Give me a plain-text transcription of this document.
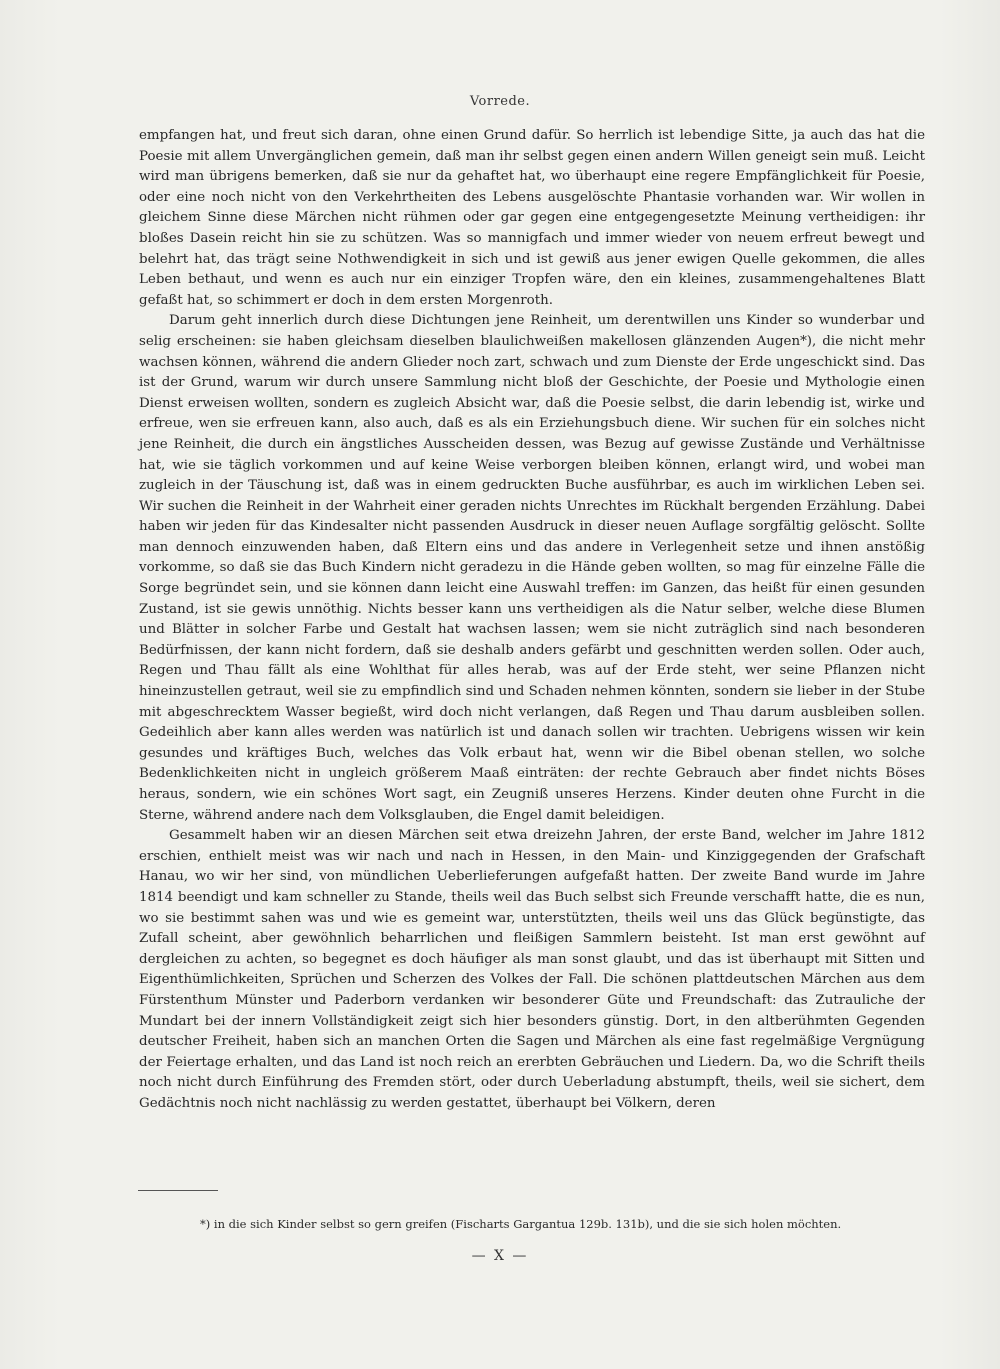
Vorrede.

empfangen hat, und freut sich daran, ohne einen Grund dafür. So herrlich ist lebendige Sitte, ja auch das hat die Poesie mit allem Unvergänglichen gemein, daß man ihr selbst gegen einen andern Willen geneigt sein muß. Leicht wird man übrigens bemerken, daß sie nur da gehaftet hat, wo überhaupt eine regere Empfänglichkeit für Poesie, oder eine noch nicht von den Verkehrtheiten des Lebens ausgelöschte Phantasie vorhanden war. Wir wollen in gleichem Sinne diese Märchen nicht rühmen oder gar gegen eine entgegengesetzte Meinung vertheidigen: ihr bloßes Dasein reicht hin sie zu schützen. Was so mannigfach und immer wieder von neuem erfreut bewegt und belehrt hat, das trägt seine Nothwendigkeit in sich und ist gewiß aus jener ewigen Quelle gekommen, die alles Leben bethaut, und wenn es auch nur ein einziger Tropfen wäre, den ein kleines, zusammengehaltenes Blatt gefaßt hat, so schimmert er doch in dem ersten Morgenroth.

Darum geht innerlich durch diese Dichtungen jene Reinheit, um derentwillen uns Kinder so wunderbar und selig erscheinen: sie haben gleichsam dieselben blaulichweißen makellosen glänzenden Augen*), die nicht mehr wachsen können, während die andern Glieder noch zart, schwach und zum Dienste der Erde ungeschickt sind. Das ist der Grund, warum wir durch unsere Sammlung nicht bloß der Geschichte, der Poesie und Mythologie einen Dienst erweisen wollten, sondern es zugleich Absicht war, daß die Poesie selbst, die darin lebendig ist, wirke und erfreue, wen sie erfreuen kann, also auch, daß es als ein Erziehungsbuch diene. Wir suchen für ein solches nicht jene Reinheit, die durch ein ängstliches Ausscheiden dessen, was Bezug auf gewisse Zustände und Verhältnisse hat, wie sie täglich vorkommen und auf keine Weise verborgen bleiben können, erlangt wird, und wobei man zugleich in der Täuschung ist, daß was in einem gedruckten Buche ausführbar, es auch im wirklichen Leben sei. Wir suchen die Reinheit in der Wahrheit einer geraden nichts Unrechtes im Rückhalt bergenden Erzählung. Dabei haben wir jeden für das Kindesalter nicht passenden Ausdruck in dieser neuen Auflage sorgfältig gelöscht. Sollte man dennoch einzuwenden haben, daß Eltern eins und das andere in Verlegenheit setze und ihnen anstößig vorkomme, so daß sie das Buch Kindern nicht geradezu in die Hände geben wollten, so mag für einzelne Fälle die Sorge begründet sein, und sie können dann leicht eine Auswahl treffen: im Ganzen, das heißt für einen gesunden Zustand, ist sie gewis unnöthig. Nichts besser kann uns vertheidigen als die Natur selber, welche diese Blumen und Blätter in solcher Farbe und Gestalt hat wachsen lassen; wem sie nicht zuträglich sind nach besonderen Bedürfnissen, der kann nicht fordern, daß sie deshalb anders gefärbt und geschnitten werden sollen. Oder auch, Regen und Thau fällt als eine Wohlthat für alles herab, was auf der Erde steht, wer seine Pflanzen nicht hineinzustellen getraut, weil sie zu empfindlich sind und Schaden nehmen könnten, sondern sie lieber in der Stube mit abgeschrecktem Wasser begießt, wird doch nicht verlangen, daß Regen und Thau darum ausbleiben sollen. Gedeihlich aber kann alles werden was natürlich ist und danach sollen wir trachten. Uebrigens wissen wir kein gesundes und kräftiges Buch, welches das Volk erbaut hat, wenn wir die Bibel obenan stellen, wo solche Bedenklichkeiten nicht in ungleich größerem Maaß einträten: der rechte Gebrauch aber findet nichts Böses heraus, sondern, wie ein schönes Wort sagt, ein Zeugniß unseres Herzens. Kinder deuten ohne Furcht in die Sterne, während andere nach dem Volksglauben, die Engel damit beleidigen.

Gesammelt haben wir an diesen Märchen seit etwa dreizehn Jahren, der erste Band, welcher im Jahre 1812 erschien, enthielt meist was wir nach und nach in Hessen, in den Main- und Kinziggegenden der Grafschaft Hanau, wo wir her sind, von mündlichen Ueberlieferungen aufgefaßt hatten. Der zweite Band wurde im Jahre 1814 beendigt und kam schneller zu Stande, theils weil das Buch selbst sich Freunde verschafft hatte, die es nun, wo sie bestimmt sahen was und wie es gemeint war, unterstützten, theils weil uns das Glück begünstigte, das Zufall scheint, aber gewöhnlich beharrlichen und fleißigen Sammlern beisteht. Ist man erst gewöhnt auf dergleichen zu achten, so begegnet es doch häufiger als man sonst glaubt, und das ist überhaupt mit Sitten und Eigenthümlichkeiten, Sprüchen und Scherzen des Volkes der Fall. Die schönen plattdeutschen Märchen aus dem Fürstenthum Münster und Paderborn verdanken wir besonderer Güte und Freundschaft: das Zutrauliche der Mundart bei der innern Vollständigkeit zeigt sich hier besonders günstig. Dort, in den altberühmten Gegenden deutscher Freiheit, haben sich an manchen Orten die Sagen und Märchen als eine fast regelmäßige Vergnügung der Feiertage erhalten, und das Land ist noch reich an ererbten Gebräuchen und Liedern. Da, wo die Schrift theils noch nicht durch Einführung des Fremden stört, oder durch Ueberladung abstumpft, theils, weil sie sichert, dem Gedächtnis noch nicht nachlässig zu werden gestattet, überhaupt bei Völkern, deren

*) in die sich Kinder selbst so gern greifen (Fischarts Gargantua 129b. 131b), und die sie sich holen möchten.
— X —
